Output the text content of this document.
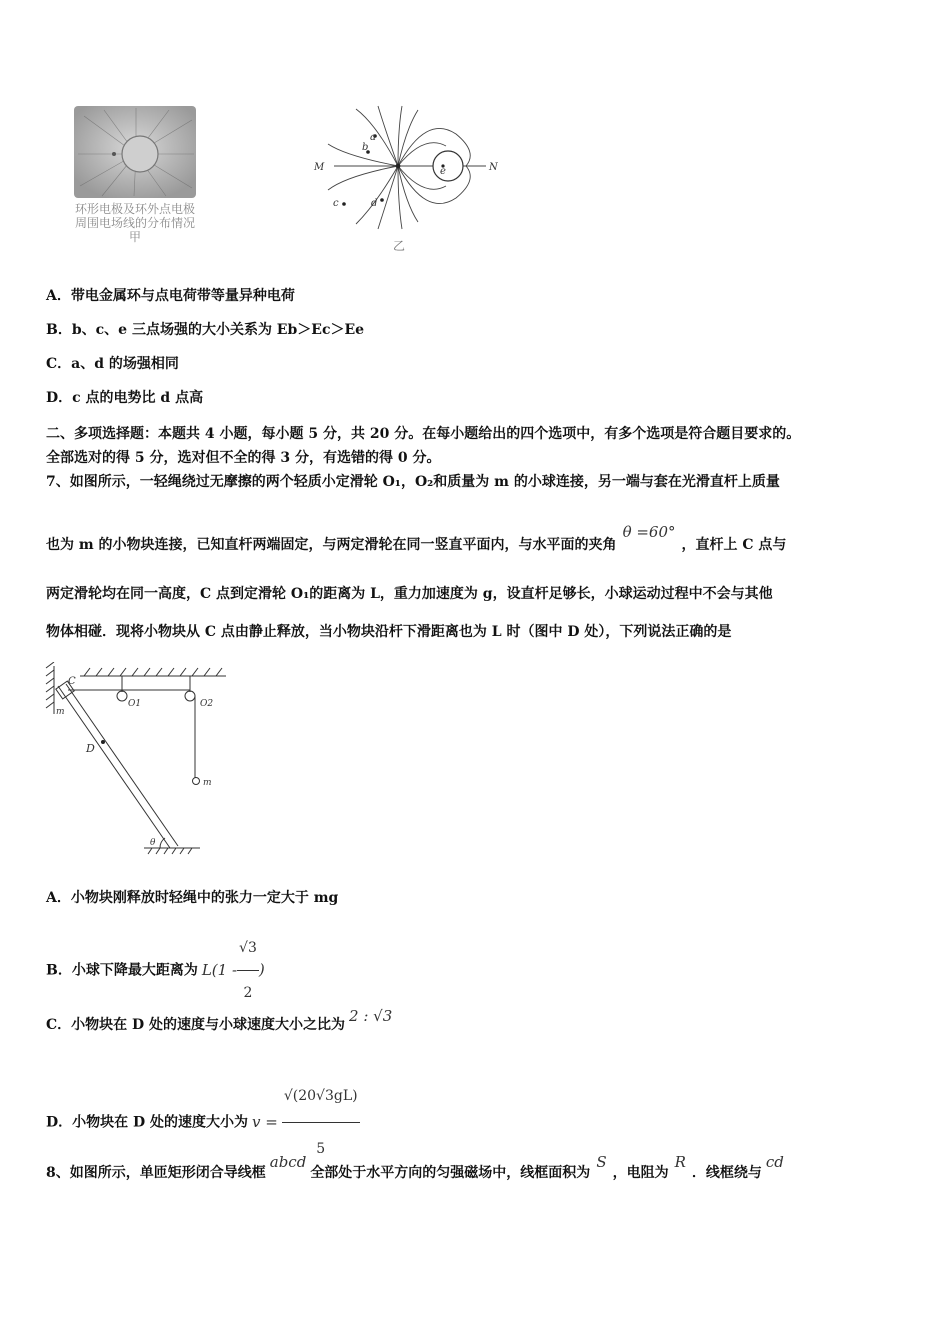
环形电极及环外点电极
周围电场线的分布情况
甲
M	N
a
b
c	d
e
乙
A．带电金属环与点电荷带等量异种电荷
B．b、c、e 三点场强的大小关系为 Eb＞Ec＞Ee
C．a、d 的场强相同
D．c 点的电势比 d 点高
二、多项选择题：本题共 4 小题，每小题 5 分，共 20 分。在每小题给出的四个选项中，有多个选项是符合题目要求的。
全部选对的得 5 分，选对但不全的得 3 分，有选错的得 0 分。
7、如图所示，一轻绳绕过无摩擦的两个轻质小定滑轮 O₁，O₂和质量为 m 的小球连接，另一端与套在光滑直杆上质量
也为 m 的小物块连接，已知直杆两端固定，与两定滑轮在同一竖直平面内，与水平面的夹角θ =60°，直杆上 C 点与
两定滑轮均在同一高度，C 点到定滑轮 O₁的距离为 L，重力加速度为 g，设直杆足够长，小球运动过程中不会与其他
物体相碰．现将小物块从 C 点由静止释放，当小物块沿杆下滑距离也为 L 时（图中 D 处），下列说法正确的是
C
m
O1	O2
D
m
θ
A．小物块刚释放时轻绳中的张力一定大于 mg
B．小球下降最大距离为 $L(1 - \frac{√3}{2}$ )
C．小物块在 D 处的速度与小球速度大小之比为 2 : √3
D．小物块在 D 处的速度大小为 $v = \frac{√(20√3gL)}{5}$
8、如图所示，单匝矩形闭合导线框abcd全部处于水平方向的匀强磁场中，线框面积为S，电阻为R．线框绕与cd
